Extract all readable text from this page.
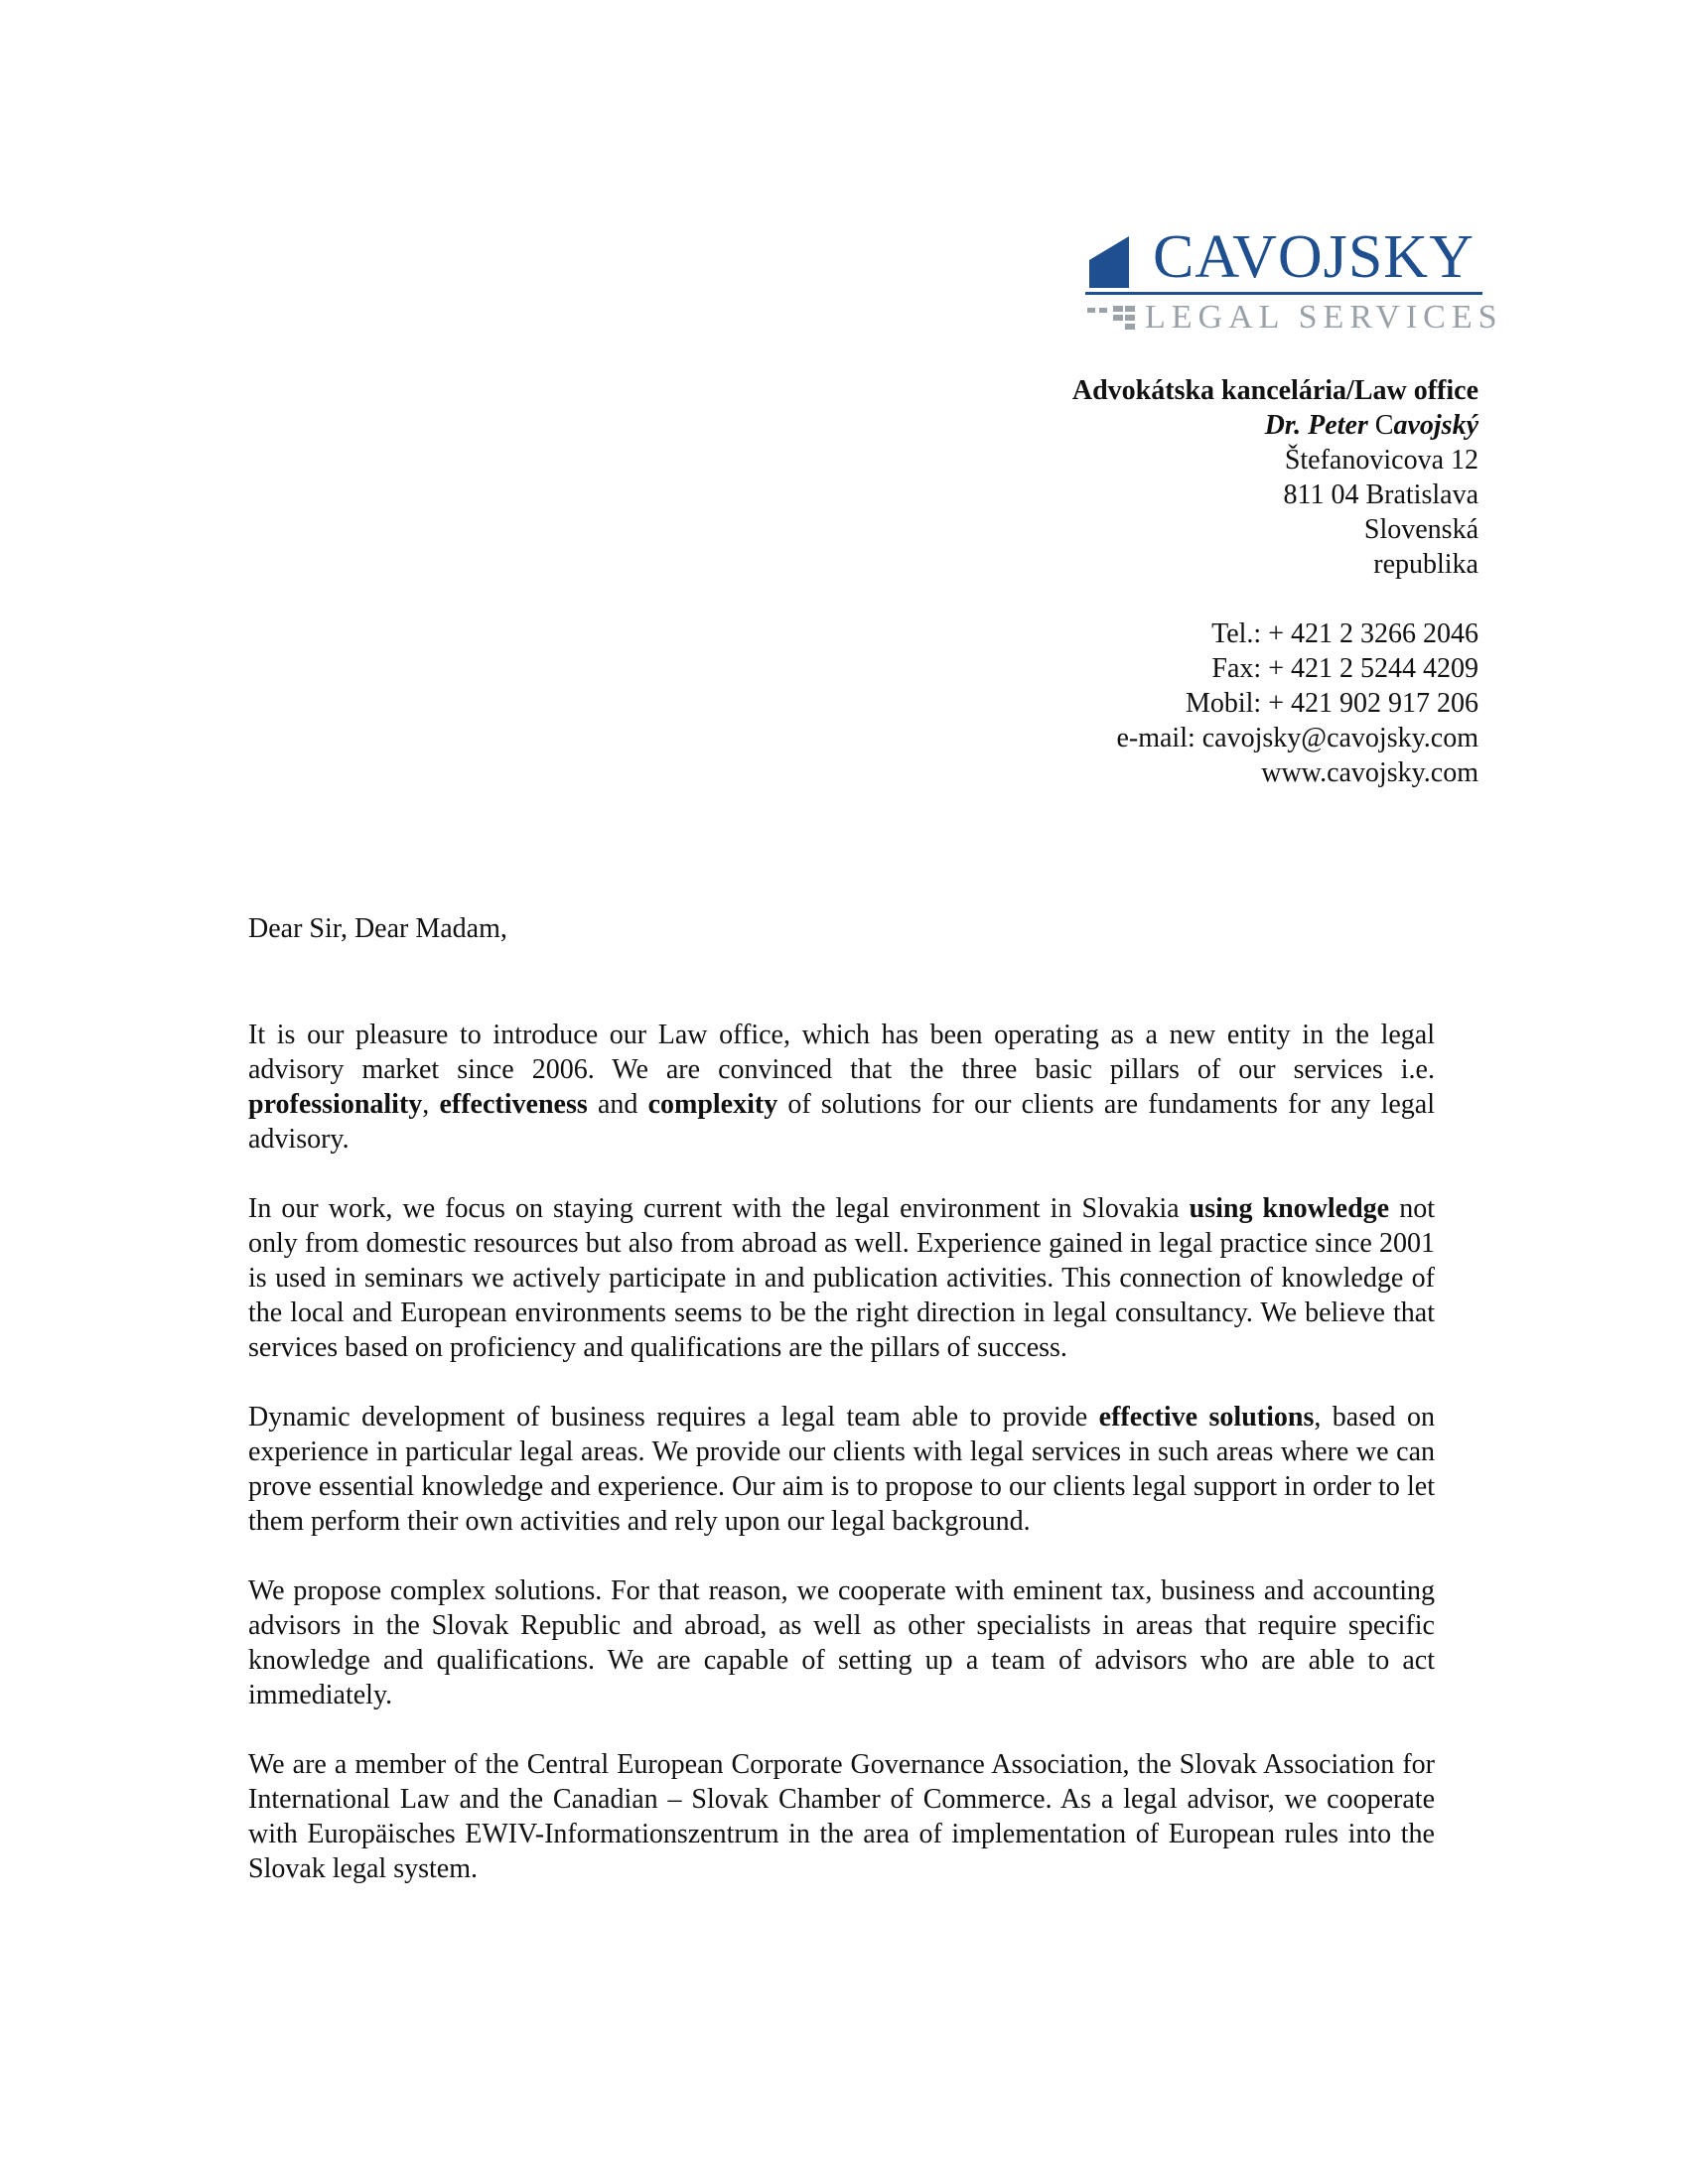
CAVOJSKY
LEGAL SERVICES
Advokátska kancelária/Law office
Dr. Peter Cavojský
Štefanovicova 12
811 04 Bratislava
Slovenská
republika
Tel.: + 421 2 3266 2046
Fax: + 421 2 5244 4209
Mobil: + 421 902 917 206
e-mail: cavojsky@cavojsky.com
www.cavojsky.com
Dear Sir, Dear Madam,

It is our pleasure to introduce our Law office, which has been operating as a new entity in the legal advisory market since 2006. We are convinced that the three basic pillars of our services i.e. professionality, effectiveness and complexity of solutions for our clients are fundaments for any legal advisory.

In our work, we focus on staying current with the legal environment in Slovakia using knowledge not only from domestic resources but also from abroad as well. Experience gained in legal practice since 2001 is used in seminars we actively participate in and publication activities. This connection of knowledge of the local and European environments seems to be the right direction in legal consultancy. We believe that services based on proficiency and qualifications are the pillars of success.

Dynamic development of business requires a legal team able to provide effective solutions, based on experience in particular legal areas. We provide our clients with legal services in such areas where we can prove essential knowledge and experience. Our aim is to propose to our clients legal support in order to let them perform their own activities and rely upon our legal background.

We propose complex solutions. For that reason, we cooperate with eminent tax, business and accounting advisors in the Slovak Republic and abroad, as well as other specialists in areas that require specific knowledge and qualifications. We are capable of setting up a team of advisors who are able to act immediately.

We are a member of the Central European Corporate Governance Association, the Slovak Association for International Law and the Canadian – Slovak Chamber of Commerce. As a legal advisor, we cooperate with Europäisches EWIV-Informationszentrum in the area of implementation of European rules into the Slovak legal system.
